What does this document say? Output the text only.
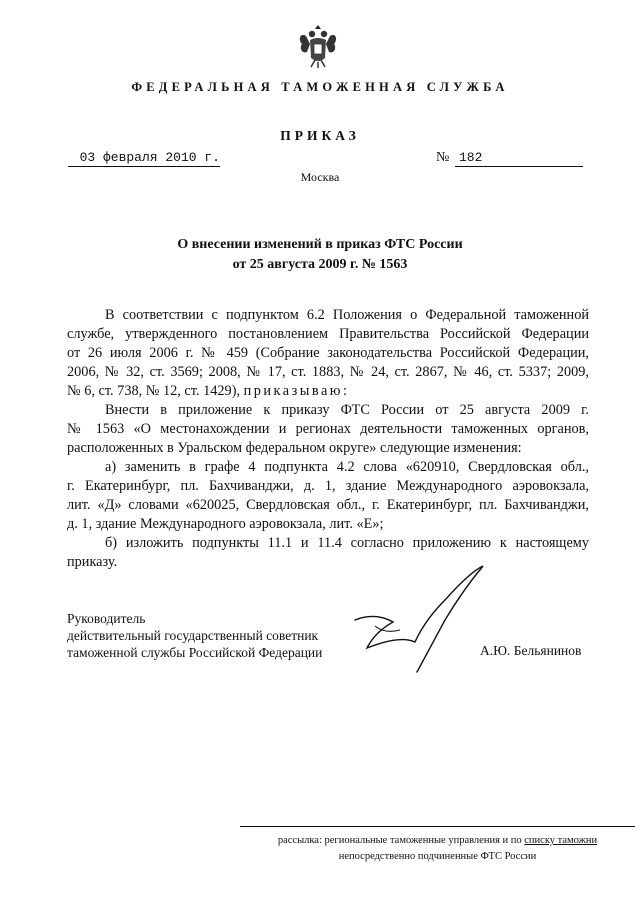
ФЕДЕРАЛЬНАЯ ТАМОЖЕННАЯ СЛУЖБА
ПРИКАЗ
03 февраля 2010 г.	№ 182
Москва
О внесении изменений в приказ ФТС России
от 25 августа 2009 г. № 1563
В соответствии с подпунктом 6.2 Положения о Федеральной таможенной
службе, утвержденного постановлением Правительства Российской Федерации
от 26 июля 2006 г. № 459 (Собрание законодательства Российской Федерации,
2006, № 32, ст. 3569; 2008, № 17, ст. 1883, № 24, ст. 2867, № 46, ст. 5337; 2009,
№ 6, ст. 738, № 12, ст. 1429), приказываю:
Внести в приложение к приказу ФТС России от 25 августа 2009 г.
№ 1563 «О местонахождении и регионах деятельности таможенных органов,
расположенных в Уральском федеральном округе» следующие изменения:
а) заменить в графе 4 подпункта 4.2 слова «620910, Свердловская обл.,
г. Екатеринбург, пл. Бахчиванджи, д. 1, здание Международного аэровокзала,
лит. «Д» словами «620025, Свердловская обл., г. Екатеринбург, пл. Бахчиванджи,
д. 1, здание Международного аэровокзала, лит. «Е»;
б) изложить подпункты 11.1 и 11.4 согласно приложению к настоящему
приказу.
Руководитель
действительный государственный советник
таможенной службы Российской Федерации	А.Ю. Бельянинов
рассылка: региональные таможенные управления и по списку таможни
непосредственно подчиненные ФТС России
